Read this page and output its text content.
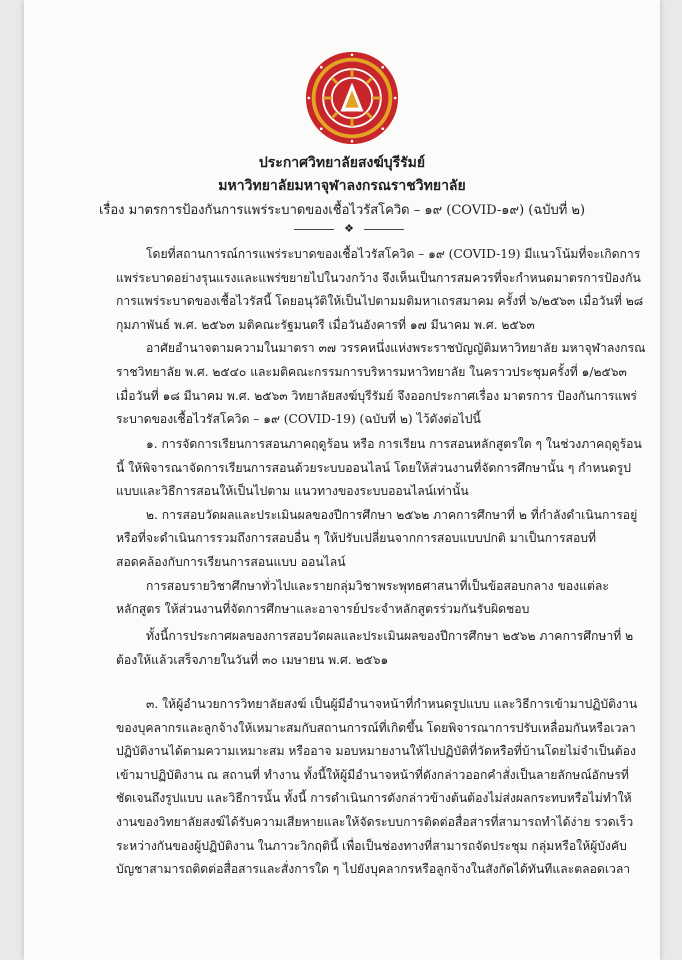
ประกาศวิทยาลัยสงฆ์บุรีรัมย์
มหาวิทยาลัยมหาจุฬาลงกรณราชวิทยาลัย
เรื่อง มาตรการป้องกันการแพร่ระบาดของเชื้อไวรัสโควิด – ๑๙ (COVID-๑๙) (ฉบับที่ ๒)
❖

โดยที่สถานการณ์การแพร่ระบาดของเชื้อไวรัสโควิด – ๑๙ (COVID-19) มีแนวโน้มที่จะเกิดการแพร่ระบาดอย่างรุนแรงและแพร่ขยายไปในวงกว้าง จึงเห็นเป็นการสมควรที่จะกำหนดมาตรการป้องกันการแพร่ระบาดของเชื้อไวรัสนี้ โดยอนุวัติให้เป็นไปตามมติมหาเถรสมาคม ครั้งที่ ๖/๒๕๖๓ เมื่อวันที่ ๒๘ กุมภาพันธ์ พ.ศ. ๒๕๖๓ มติคณะรัฐมนตรี เมื่อวันอังคารที่ ๑๗ มีนาคม พ.ศ. ๒๕๖๓

อาศัยอำนาจตามความในมาตรา ๓๗ วรรคหนึ่งแห่งพระราชบัญญัติมหาวิทยาลัย มหาจุฬาลงกรณราชวิทยาลัย พ.ศ. ๒๕๔๐ และมติคณะกรรมการบริหารมหาวิทยาลัย ในคราวประชุมครั้งที่ ๑/๒๕๖๓ เมื่อวันที่ ๑๘ มีนาคม พ.ศ. ๒๕๖๓ วิทยาลัยสงฆ์บุรีรัมย์ จึงออกประกาศเรื่อง มาตรการ ป้องกันการแพร่ระบาดของเชื้อไวรัสโควิด – ๑๙ (COVID-19) (ฉบับที่ ๒) ไว้ดังต่อไปนี้

๑. การจัดการเรียนการสอนภาคฤดูร้อน หรือ การเรียน การสอนหลักสูตรใด ๆ ในช่วงภาคฤดูร้อนนี้ ให้พิจารณาจัดการเรียนการสอนด้วยระบบออนไลน์ โดยให้ส่วนงานที่จัดการศึกษานั้น ๆ กำหนดรูปแบบและวิธีการสอนให้เป็นไปตาม แนวทางของระบบออนไลน์เท่านั้น

๒. การสอบวัดผลและประเมินผลของปีการศึกษา ๒๕๖๒ ภาคการศึกษาที่ ๒ ที่กำลังดำเนินการอยู่ หรือที่จะดำเนินการรวมถึงการสอบอื่น ๆ ให้ปรับเปลี่ยนจากการสอบแบบปกติ มาเป็นการสอบที่สอดคล้องกับการเรียนการสอนแบบ ออนไลน์

การสอบรายวิชาศึกษาทั่วไปและรายกลุ่มวิชาพระพุทธศาสนาที่เป็นข้อสอบกลาง ของแต่ละหลักสูตร ให้ส่วนงานที่จัดการศึกษาและอาจารย์ประจำหลักสูตรร่วมกันรับผิดชอบ

ทั้งนี้การประกาศผลของการสอบวัดผลและประเมินผลของปีการศึกษา ๒๕๖๒ ภาคการศึกษาที่ ๒ ต้องให้แล้วเสร็จภายในวันที่ ๓๐ เมษายน พ.ศ. ๒๕๖๑

๓. ให้ผู้อำนวยการวิทยาลัยสงฆ์ เป็นผู้มีอำนาจหน้าที่กำหนดรูปแบบ และวิธีการเข้ามาปฏิบัติงานของบุคลากรและลูกจ้างให้เหมาะสมกับสถานการณ์ที่เกิดขึ้น โดยพิจารณาการปรับเหลื่อมกันหรือเวลาปฏิบัติงานได้ตามความเหมาะสม หรืออาจ มอบหมายงานให้ไปปฏิบัติที่วัดหรือที่บ้านโดยไม่จำเป็นต้องเข้ามาปฏิบัติงาน ณ สถานที่ ทำงาน ทั้งนี้ให้ผู้มีอำนาจหน้าที่ดังกล่าวออกคำสั่งเป็นลายลักษณ์อักษรที่ชัดเจนถึงรูปแบบ และวิธีการนั้น ทั้งนี้ การดำเนินการดังกล่าวข้างต้นต้องไม่ส่งผลกระทบหรือไม่ทำให้งานของวิทยาลัยสงฆ์ได้รับความเสียหายและให้จัดระบบการติดต่อสื่อสารที่สามารถทำได้ง่าย รวดเร็ว ระหว่างกันของผู้ปฏิบัติงาน ในภาวะวิกฤตินี้ เพื่อเป็นช่องทางที่สามารถจัดประชุม กลุ่มหรือให้ผู้บังคับบัญชาสามารถติดต่อสื่อสารและสั่งการใด ๆ ไปยังบุคลากรหรือลูกจ้างในสังกัดได้ทันทีและตลอดเวลา
